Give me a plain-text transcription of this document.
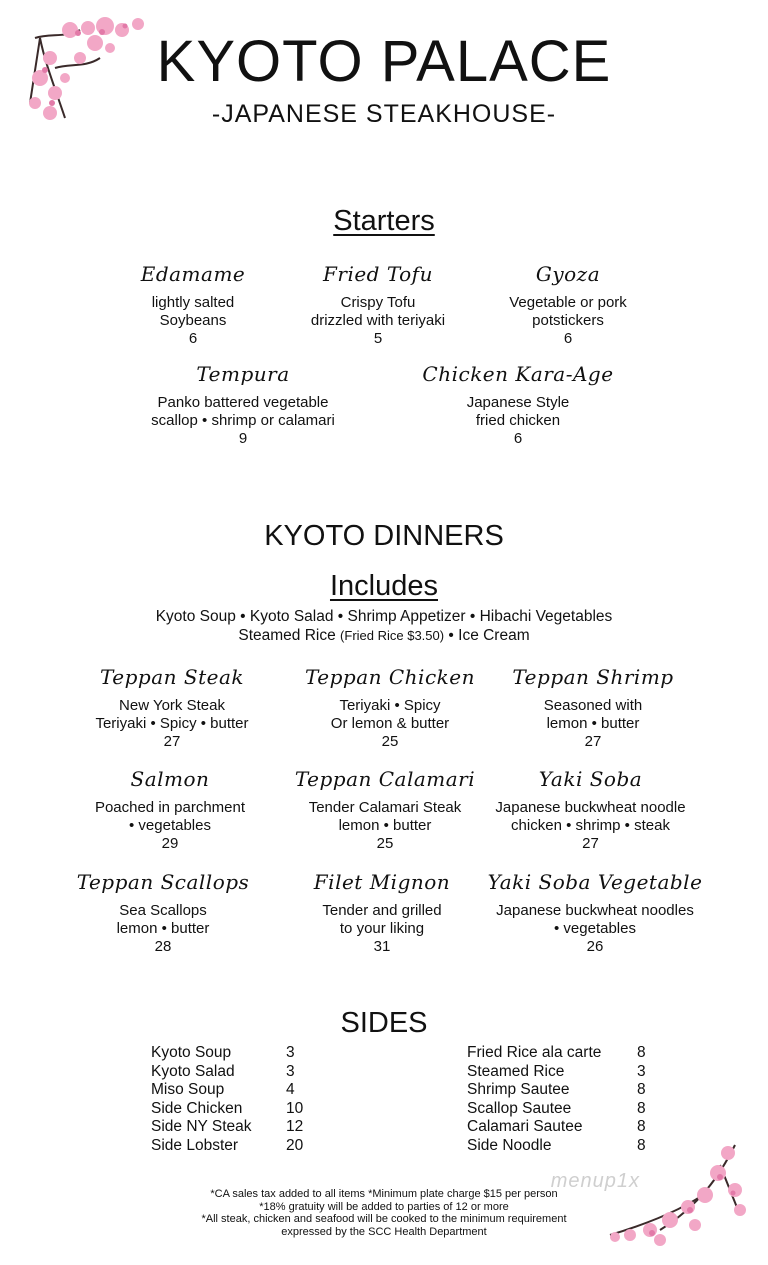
KYOTO PALACE
-JAPANESE STEAKHOUSE-
Starters
Edamame
lightly salted
Soybeans
6
Fried Tofu
Crispy Tofu
drizzled with teriyaki
5
Gyoza
Vegetable or pork
potstickers
6
Tempura
Panko battered vegetable
scallop • shrimp or calamari
9
Chicken Kara-Age
Japanese Style
fried chicken
6
KYOTO DINNERS
Includes
Kyoto Soup • Kyoto Salad • Shrimp Appetizer • Hibachi Vegetables
Steamed Rice (Fried Rice $3.50) • Ice Cream
Teppan Steak
New York Steak
Teriyaki • Spicy • butter
27
Teppan Chicken
Teriyaki • Spicy
Or lemon & butter
25
Teppan Shrimp
Seasoned with
lemon • butter
27
Salmon
Poached in parchment
• vegetables
29
Teppan Calamari
Tender Calamari Steak
lemon • butter
25
Yaki Soba
Japanese buckwheat noodle
chicken • shrimp • steak
27
Teppan Scallops
Sea Scallops
lemon • butter
28
Filet Mignon
Tender and grilled
to your liking
31
Yaki Soba Vegetable
Japanese buckwheat noodles
• vegetables
26
SIDES
Kyoto Soup	3
Kyoto Salad	3
Miso Soup	4
Side Chicken	10
Side NY Steak	12
Side Lobster	20
Fried Rice ala carte	8
Steamed Rice	3
Shrimp Sautee	8
Scallop Sautee	8
Calamari Sautee	8
Side Noodle	8
menup1x
*CA sales tax added to all items *Minimum plate charge $15 per person
*18% gratuity will be added to parties of 12 or more
*All steak, chicken and seafood will be cooked to the minimum requirement
expressed by the SCC Health Department
